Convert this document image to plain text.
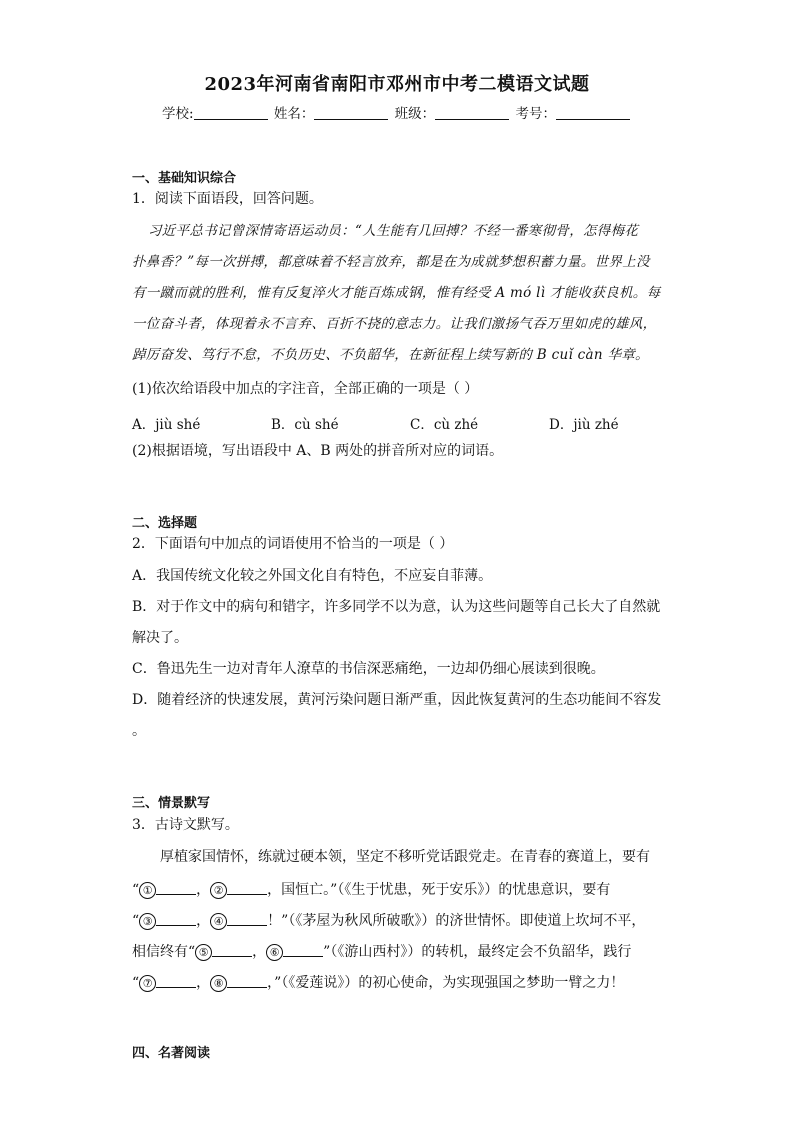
2023年河南省南阳市邓州市中考二模语文试题
学校:	姓名：	班级：	考号：
一、基础知识综合
1．阅读下面语段，回答问题。
习近平总书记曾深情寄语运动员：“人生能有几回搏？不经一番寒彻骨，怎得梅花
扑鼻香？”每一次拼搏，都意味着不轻言放弃，都是在为成就梦想积蓄力量。世界上没
有一蹴而就的胜利，惟有反复淬火才能百炼成钢，惟有经受 A mó lì 才能收获良机。每
一位奋斗者，体现着永不言弃、百折不挠的意志力。让我们激扬气吞万里如虎的雄风，
踔厉奋发、笃行不怠，不负历史、不负韶华，在新征程上续写新的 B cuǐ càn 华章。
(1)依次给语段中加点的字注音，全部正确的一项是（ ）
A．jiù shé	B．cù shé	C．cù zhé	D．jiù zhé
(2)根据语境，写出语段中 A、B 两处的拼音所对应的词语。
二、选择题
2．下面语句中加点的词语使用不恰当的一项是（ ）
A．我国传统文化较之外国文化自有特色，不应妄自菲薄。
B．对于作文中的病句和错字，许多同学不以为意，认为这些问题等自己长大了自然就
解决了。
C．鲁迅先生一边对青年人潦草的书信深恶痛绝，一边却仍细心展读到很晚。
D．随着经济的快速发展，黄河污染问题日渐严重，因此恢复黄河的生态功能间不容发
。
三、情景默写
3．古诗文默写。
厚植家国情怀，练就过硬本领，坚定不移听党话跟党走。在青春的赛道上，要有
“ ①	， ②	，国恒亡。”（《生于忧患，死于安乐》）的忧患意识，要有
“ ③	， ④	！”（《茅屋为秋风所破歌》）的济世情怀。即使道上坎坷不平，
相信终有“ ⑤	， ⑥	”（《游山西村》）的转机，最终定会不负韶华，践行
“ ⑦	， ⑧	，”（《爱莲说》）的初心使命，为实现强国之梦助一臂之力！
四、名著阅读
